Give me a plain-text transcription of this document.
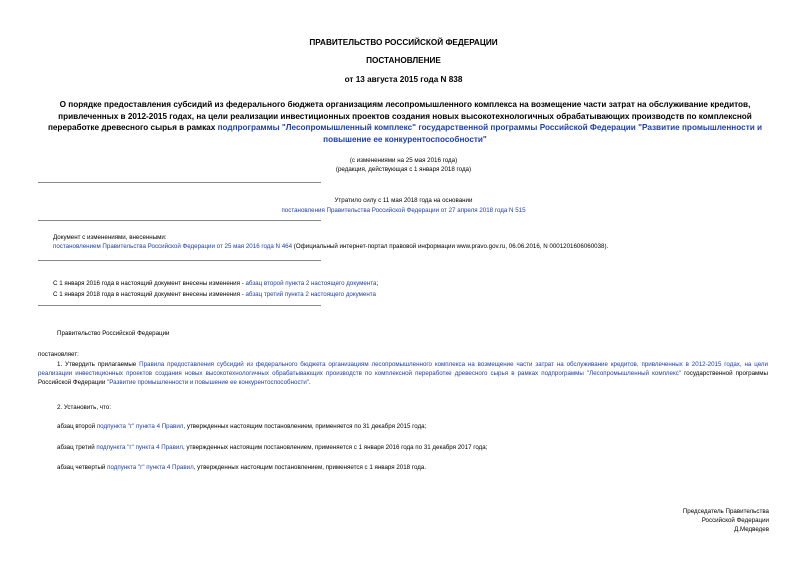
ПРАВИТЕЛЬСТВО РОССИЙСКОЙ ФЕДЕРАЦИИ
ПОСТАНОВЛЕНИЕ
от 13 августа 2015 года N 838
О порядке предоставления субсидий из федерального бюджета организациям лесопромышленного комплекса на возмещение части затрат на обслуживание кредитов, привлеченных в 2012-2015 годах, на цели реализации инвестиционных проектов создания новых высокотехнологичных обрабатывающих производств по комплексной переработке древесного сырья в рамках подпрограммы "Лесопромышленный комплекс" государственной программы Российской Федерации "Развитие промышленности и повышение ее конкурентоспособности"
(с изменениями на 25 мая 2016 года)
(редакция, действующая с 1 января 2018 года)
Утратило силу с 11 мая 2018 года на основании
постановления Правительства Российской Федерации от 27 апреля 2018 года N 515
Документ с изменениями, внесенными:
постановлением Правительства Российской Федерации от 25 мая 2016 года N 464 (Официальный интернет-портал правовой информации www.pravo.gov.ru, 06.06.2016, N 0001201606060038).
С 1 января 2016 года в настоящий документ внесены изменения - абзац второй пункта 2 настоящего документа;
С 1 января 2018 года в настоящий документ внесены изменения - абзац третий пункта 2 настоящего документа
Правительство Российской Федерации
постановляет:
1. Утвердить прилагаемые Правила предоставления субсидий из федерального бюджета организациям лесопромышленного комплекса на возмещение части затрат на обслуживание кредитов, привлеченных в 2012-2015 годах, на цели реализации инвестиционных проектов создания новых высокотехнологичных обрабатывающих производств по комплексной переработке древесного сырья в рамках подпрограммы "Лесопромышленный комплекс" государственной программы Российской Федерации "Развитие промышленности и повышение ее конкурентоспособности".
2. Установить, что:
абзац второй подпункта "г" пункта 4 Правил, утвержденных настоящим постановлением, применяется по 31 декабря 2015 года;
абзац третий подпункта "г" пункта 4 Правил, утвержденных настоящим постановлением, применяется с 1 января 2016 года по 31 декабря 2017 года;
абзац четвертый подпункта "г" пункта 4 Правил, утвержденных настоящим постановлением, применяется с 1 января 2018 года.
Председатель Правительства
Российской Федерации
Д.Медведев
